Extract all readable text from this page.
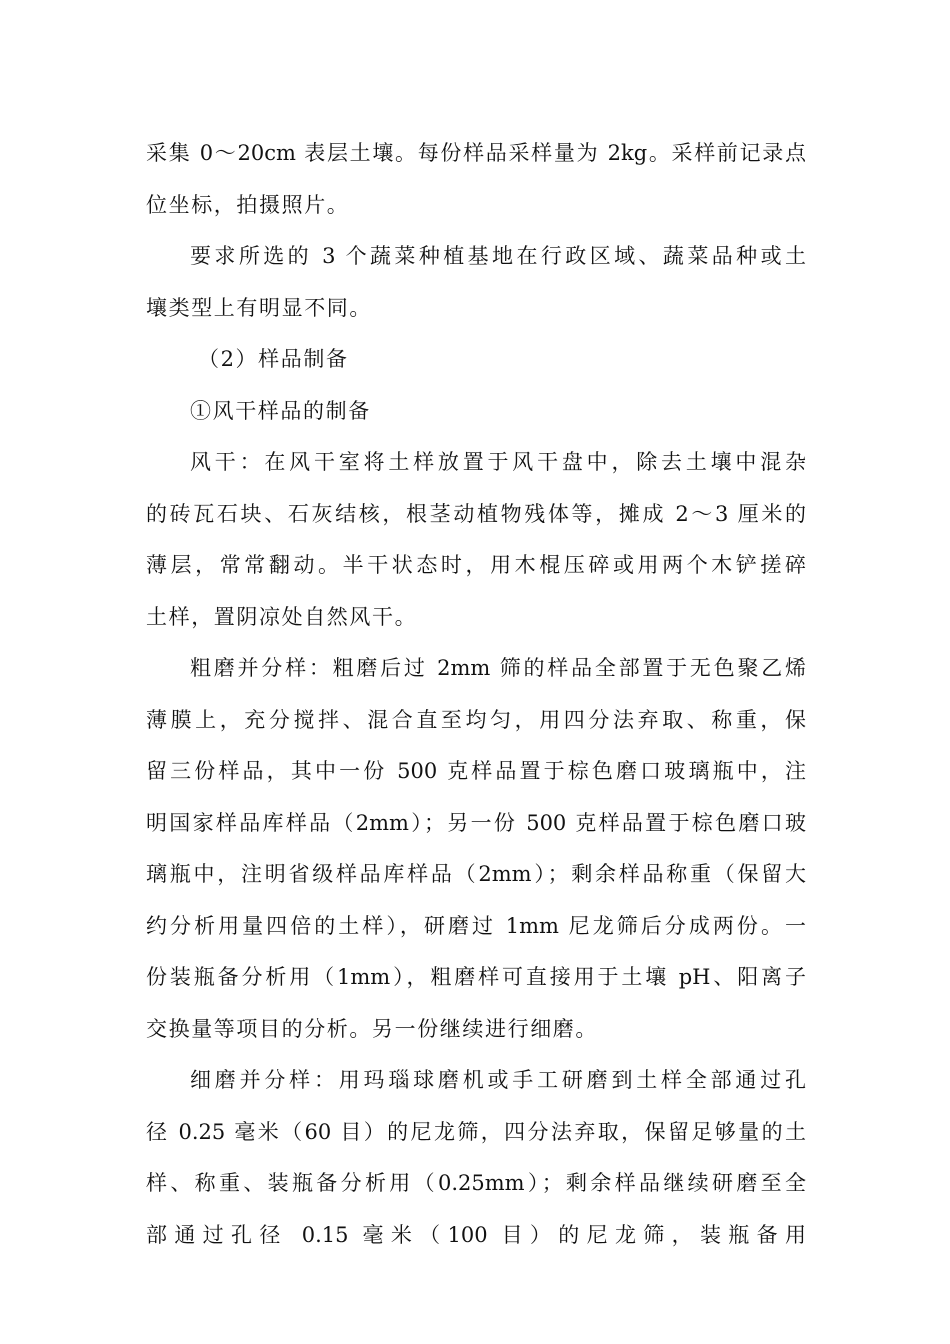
采集 0～20cm 表层土壤。每份样品采样量为 2kg。采样前记录点
位坐标，拍摄照片。
要求所选的 3 个蔬菜种植基地在行政区域、蔬菜品种或土
壤类型上有明显不同。
（2）样品制备
①风干样品的制备
风干：在风干室将土样放置于风干盘中，除去土壤中混杂
的砖瓦石块、石灰结核，根茎动植物残体等，摊成 2～3 厘米的
薄层，常常翻动。半干状态时，用木棍压碎或用两个木铲搓碎
土样，置阴凉处自然风干。
粗磨并分样：粗磨后过 2mm 筛的样品全部置于无色聚乙烯
薄膜上，充分搅拌、混合直至均匀，用四分法弃取、称重，保
留三份样品，其中一份 500 克样品置于棕色磨口玻璃瓶中，注
明国家样品库样品（2mm）；另一份 500 克样品置于棕色磨口玻
璃瓶中，注明省级样品库样品（2mm）；剩余样品称重（保留大
约分析用量四倍的土样），研磨过 1mm 尼龙筛后分成两份。一
份装瓶备分析用（1mm），粗磨样可直接用于土壤 pH、阳离子
交换量等项目的分析。另一份继续进行细磨。
细磨并分样：用玛瑙球磨机或手工研磨到土样全部通过孔
径 0.25 毫米（60 目）的尼龙筛，四分法弃取，保留足够量的土
样、称重、装瓶备分析用（0.25mm）；剩余样品继续研磨至全
部通过孔径 0.15 毫米（100 目）的尼龙筛，装瓶备用
